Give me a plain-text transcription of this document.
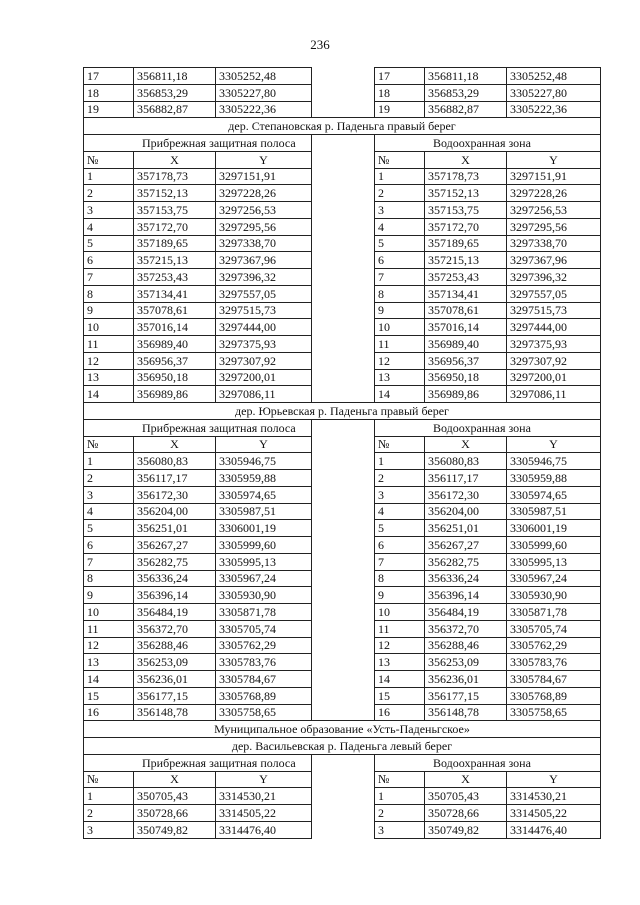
236
17	356811,18	3305252,48		17	356811,18	3305252,48
18	356853,29	3305227,80		18	356853,29	3305227,80
19	356882,87	3305222,36		19	356882,87	3305222,36
дер. Степановская р. Паденьга правый берег						
Прибрежная защитная полоса				Водоохранная зона		
№	X	Y		№	X	Y
1	357178,73	3297151,91		1	357178,73	3297151,91
2	357152,13	3297228,26		2	357152,13	3297228,26
3	357153,75	3297256,53		3	357153,75	3297256,53
4	357172,70	3297295,56		4	357172,70	3297295,56
5	357189,65	3297338,70		5	357189,65	3297338,70
6	357215,13	3297367,96		6	357215,13	3297367,96
7	357253,43	3297396,32		7	357253,43	3297396,32
8	357134,41	3297557,05		8	357134,41	3297557,05
9	357078,61	3297515,73		9	357078,61	3297515,73
10	357016,14	3297444,00		10	357016,14	3297444,00
11	356989,40	3297375,93		11	356989,40	3297375,93
12	356956,37	3297307,92		12	356956,37	3297307,92
13	356950,18	3297200,01		13	356950,18	3297200,01
14	356989,86	3297086,11		14	356989,86	3297086,11
дер. Юрьевская р. Паденьга правый берег						
Прибрежная защитная полоса				Водоохранная зона		
№	X	Y		№	X	Y
1	356080,83	3305946,75		1	356080,83	3305946,75
2	356117,17	3305959,88		2	356117,17	3305959,88
3	356172,30	3305974,65		3	356172,30	3305974,65
4	356204,00	3305987,51		4	356204,00	3305987,51
5	356251,01	3306001,19		5	356251,01	3306001,19
6	356267,27	3305999,60		6	356267,27	3305999,60
7	356282,75	3305995,13		7	356282,75	3305995,13
8	356336,24	3305967,24		8	356336,24	3305967,24
9	356396,14	3305930,90		9	356396,14	3305930,90
10	356484,19	3305871,78		10	356484,19	3305871,78
11	356372,70	3305705,74		11	356372,70	3305705,74
12	356288,46	3305762,29		12	356288,46	3305762,29
13	356253,09	3305783,76		13	356253,09	3305783,76
14	356236,01	3305784,67		14	356236,01	3305784,67
15	356177,15	3305768,89		15	356177,15	3305768,89
16	356148,78	3305758,65		16	356148,78	3305758,65
Муниципальное образование «Усть-Паденьгское»						
дер. Васильевская р. Паденьга левый берег						
Прибрежная защитная полоса				Водоохранная зона		
№	X	Y		№	X	Y
1	350705,43	3314530,21		1	350705,43	3314530,21
2	350728,66	3314505,22		2	350728,66	3314505,22
3	350749,82	3314476,40		3	350749,82	3314476,40
